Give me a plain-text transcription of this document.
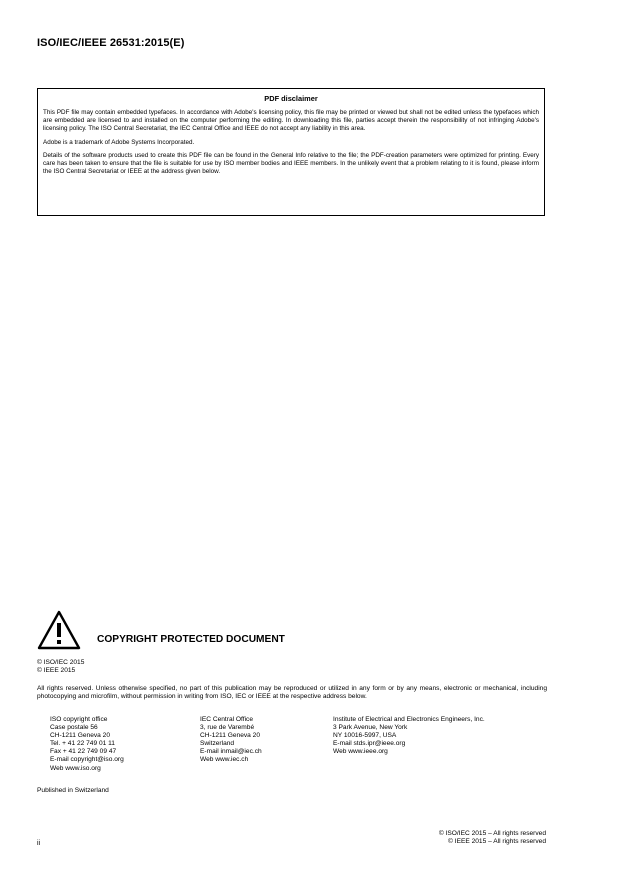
ISO/IEC/IEEE 26531:2015(E)
PDF disclaimer

This PDF file may contain embedded typefaces. In accordance with Adobe's licensing policy, this file may be printed or viewed but shall not be edited unless the typefaces which are embedded are licensed to and installed on the computer performing the editing. In downloading this file, parties accept therein the responsibility of not infringing Adobe's licensing policy. The ISO Central Secretariat, the IEC Central Office and IEEE do not accept any liability in this area.

Adobe is a trademark of Adobe Systems Incorporated.

Details of the software products used to create this PDF file can be found in the General Info relative to the file; the PDF-creation parameters were optimized for printing. Every care has been taken to ensure that the file is suitable for use by ISO member bodies and IEEE members. In the unlikely event that a problem relating to it is found, please inform the ISO Central Secretariat or IEEE at the address given below.

COPYRIGHT PROTECTED DOCUMENT
© ISO/IEC 2015
© IEEE 2015
All rights reserved. Unless otherwise specified, no part of this publication may be reproduced or utilized in any form or by any means, electronic or mechanical, including photocopying and microfilm, without permission in writing from ISO, IEC or IEEE at the respective address below.
ISO copyright office
Case postale 56
CH-1211 Geneva 20
Tel. + 41 22 749 01 11
Fax + 41 22 749 09 47
E-mail copyright@iso.org
Web www.iso.org
IEC Central Office
3, rue de Varembé
CH-1211 Geneva 20
Switzerland
E-mail inmail@iec.ch
Web www.iec.ch
Institute of Electrical and Electronics Engineers, Inc.
3 Park Avenue, New York
NY 10016-5997, USA
E-mail stds.ipr@ieee.org
Web www.ieee.org
Published in Switzerland
© ISO/IEC 2015 – All rights reserved
© IEEE 2015 – All rights reserved
ii
